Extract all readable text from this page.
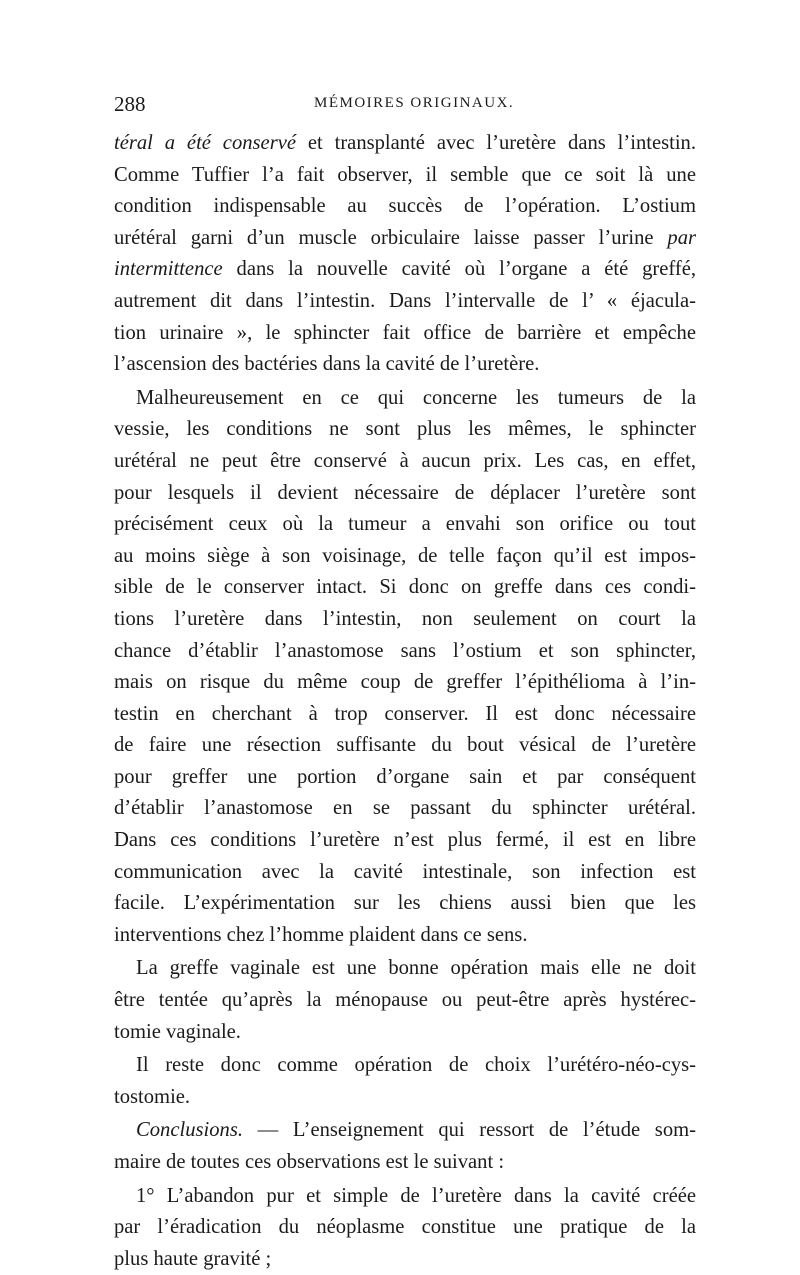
288	MÉMOIRES ORIGINAUX.
téral a été conservé et transplanté avec l’uretère dans l’intestin.
Comme Tuffier l’a fait observer, il semble que ce soit là une
condition indispensable au succès de l’opération. L’ostium
urétéral garni d’un muscle orbiculaire laisse passer l’urine par
intermittence dans la nouvelle cavité où l’organe a été greffé,
autrement dit dans l’intestin. Dans l’intervalle de l’ « éjacula-
tion urinaire », le sphincter fait office de barrière et empêche
l’ascension des bactéries dans la cavité de l’uretère.
Malheureusement en ce qui concerne les tumeurs de la
vessie, les conditions ne sont plus les mêmes, le sphincter
urétéral ne peut être conservé à aucun prix. Les cas, en effet,
pour lesquels il devient nécessaire de déplacer l’uretère sont
précisément ceux où la tumeur a envahi son orifice ou tout
au moins siège à son voisinage, de telle façon qu’il est impos-
sible de le conserver intact. Si donc on greffe dans ces condi-
tions l’uretère dans l’intestin, non seulement on court la
chance d’établir l’anastomose sans l’ostium et son sphincter,
mais on risque du même coup de greffer l’épithélioma à l’in-
testin en cherchant à trop conserver. Il est donc nécessaire
de faire une résection suffisante du bout vésical de l’uretère
pour greffer une portion d’organe sain et par conséquent
d’établir l’anastomose en se passant du sphincter urétéral.
Dans ces conditions l’uretère n’est plus fermé, il est en libre
communication avec la cavité intestinale, son infection est
facile. L’expérimentation sur les chiens aussi bien que les
interventions chez l’homme plaident dans ce sens.
La greffe vaginale est une bonne opération mais elle ne doit
être tentée qu’après la ménopause ou peut-être après hystérec-
tomie vaginale.
Il reste donc comme opération de choix l’urétéro-néo-cys-
tostomie.
Conclusions. — L’enseignement qui ressort de l’étude som-
maire de toutes ces observations est le suivant :
1° L’abandon pur et simple de l’uretère dans la cavité créée
par l’éradication du néoplasme constitue une pratique de la
plus haute gravité ;
